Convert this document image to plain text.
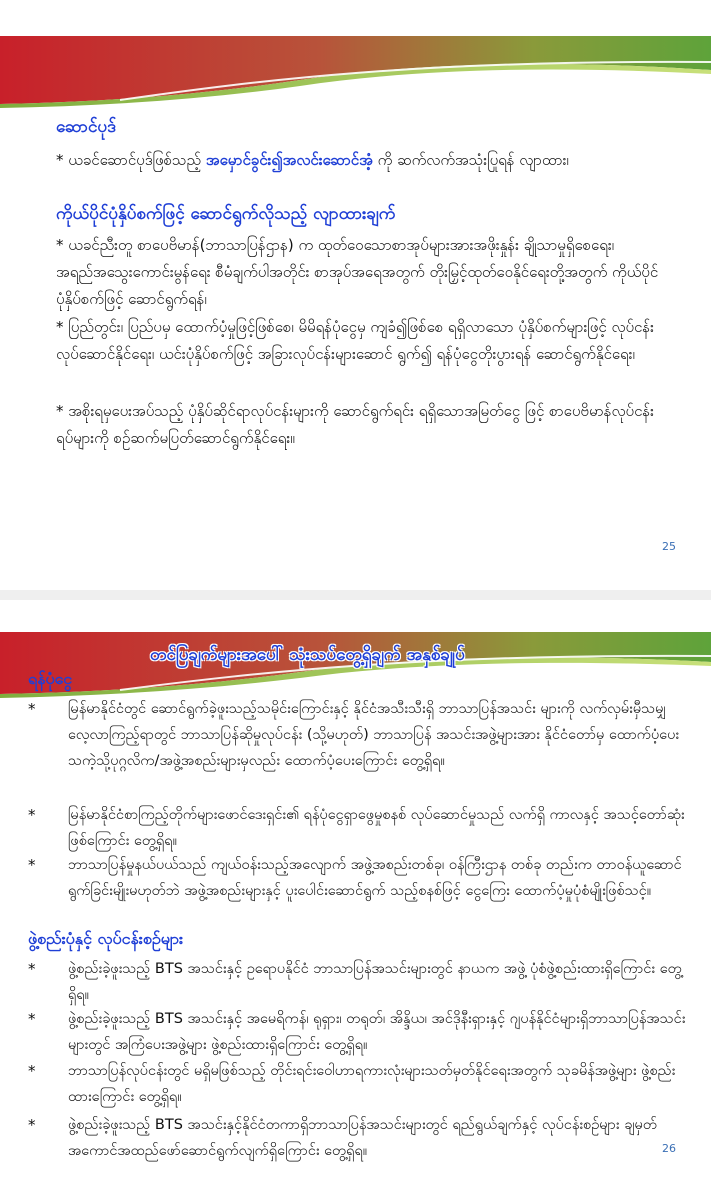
ဆောင်ပုဒ်

* ယခင်ဆောင်ပုဒ်ဖြစ်သည့် အမှောင်ခွင်း၍အလင်းဆောင်အံ့ ကို ဆက်လက်အသုံးပြုရန် လျာထား၊

ကိုယ်ပိုင်ပုံနှိပ်စက်ဖြင့် ဆောင်ရွက်လိုသည့် လျာထားချက်

* ယခင်ညီးတူ စာပေဗိမာန်(ဘာသာပြန်ဌာန) က ထုတ်ဝေသောစာအုပ်များအားအဖိုးနှုန်း ချိုသာမှုရှိစေရေး၊ အရည်အသွေးကောင်းမွန်ရေး စီမံချက်ပါအတိုင်း စာအုပ်အရေအတွက် တိုးမြှင့်ထုတ်ဝေနိုင်ရေးတို့အတွက် ကိုယ်ပိုင်ပုံနှိပ်စက်ဖြင့် ဆောင်ရွက်ရန်၊

* ပြည်တွင်း၊ ပြည်ပမှ ထောက်ပံ့မှုဖြင့်ဖြစ်စေ၊ မိမိရန်ပုံငွေမှ ကျခံ၍ဖြစ်စေ ရရှိလာသော ပုံနှိပ်စက်များဖြင့် လုပ်ငန်းလုပ်ဆောင်နိုင်ရေး၊ ယင်းပုံနှိပ်စက်ဖြင့် အခြားလုပ်ငန်းများဆောင် ရွက်၍ ရန်ပုံငွေတိုးပွားရန် ဆောင်ရွက်နိုင်ရေး၊

* အစိုးရမှပေးအပ်သည့် ပုံနှိပ်ဆိုင်ရာလုပ်ငန်းများကို ဆောင်ရွက်ရင်း ရရှိသောအမြတ်ငွေ ဖြင့် စာပေဗိမာန်လုပ်ငန်းရပ်များကို စဉ်ဆက်မပြတ်ဆောင်ရွက်နိုင်ရေး။

25

တင်ပြချက်များအပေါ် သုံးသပ်တွေ့ရှိချက် အနှစ်ချုပ်

ရန်ပုံငွေ

*	မြန်မာနိုင်ငံတွင် ဆောင်ရွက်ခဲ့ဖူးသည့်သမိုင်းကြောင်းနှင့် နိုင်ငံအသီးသီးရှိ ဘာသာပြန်အသင်း များကို လက်လှမ်းမှီသမျှလေ့လာကြည့်ရာတွင် ဘာသာပြန်ဆိုမှုလုပ်ငန်း (သို့မဟုတ်) ဘာသာပြန် အသင်းအဖွဲ့များအား နိုင်ငံတော်မှ ထောက်ပံ့ပေးသကဲ့သို့ပုဂ္ဂလိက/အဖွဲ့အစည်းများမှလည်း ထောက်ပံ့ပေးကြောင်း တွေ့ရှိရ။

*	မြန်မာနိုင်ငံစာကြည့်တိုက်များဖောင်ဒေးရှင်း၏ ရန်ပုံငွေရှာဖွေမှုစနစ် လုပ်ဆောင်မှုသည် လက်ရှိ ကာလနှင့် အသင့်တော်ဆုံးဖြစ်ကြောင်း တွေ့ရှိရ။

*	ဘာသာပြန်မှုနယ်ပယ်သည် ကျယ်ဝန်းသည့်အလျောက် အဖွဲ့အစည်းတစ်ခု၊ ဝန်ကြီးဌာန တစ်ခု တည်းက တာဝန်ယူဆောင်ရွက်ခြင်းမျိုးမဟုတ်ဘဲ အဖွဲ့အစည်းများနှင့် ပူးပေါင်းဆောင်ရွက် သည့်စနစ်ဖြင့် ငွေကြေး ထောက်ပံ့မှုပုံစံမျိုးဖြစ်သင့်။

ဖွဲ့စည်းပုံနှင့် လုပ်ငန်းစဉ်များ

*	ဖွဲ့စည်းခဲ့ဖူးသည့် BTS အသင်းနှင့် ဥရောပနိုင်ငံ ဘာသာပြန်အသင်းများတွင် နာယက အဖွဲ့ ပုံစံဖွဲ့စည်းထားရှိကြောင်း တွေ့ရှိရ။

*	ဖွဲ့စည်းခဲ့ဖူးသည့် BTS အသင်းနှင့် အမေရိကန်၊ ရုရှား၊ တရုတ်၊ အိန္ဒိယ၊ အင်ဒိုနီးရှားနှင့် ဂျပန်နိုင်ငံများရှိဘာသာပြန်အသင်းများတွင် အကြံပေးအဖွဲ့များ ဖွဲ့စည်းထားရှိကြောင်း တွေ့ရှိရ။

*	ဘာသာပြန်လုပ်ငန်းတွင် မရှိမဖြစ်သည့် တိုင်းရင်းဝေါဟာရကားလုံးများသတ်မှတ်နိုင်ရေးအတွက် သုခမိန်အဖွဲ့များ ဖွဲ့စည်းထားကြောင်း တွေ့ရှိရ။

*	ဖွဲ့စည်းခဲ့ဖူးသည့် BTS အသင်းနှင့်နိုင်ငံတကာရှိဘာသာပြန်အသင်းများတွင် ရည်ရွယ်ချက်နှင့် လုပ်ငန်းစဉ်များ ချမှတ်အကောင်အထည်ဖော်ဆောင်ရွက်လျက်ရှိကြောင်း တွေ့ရှိရ။	26
